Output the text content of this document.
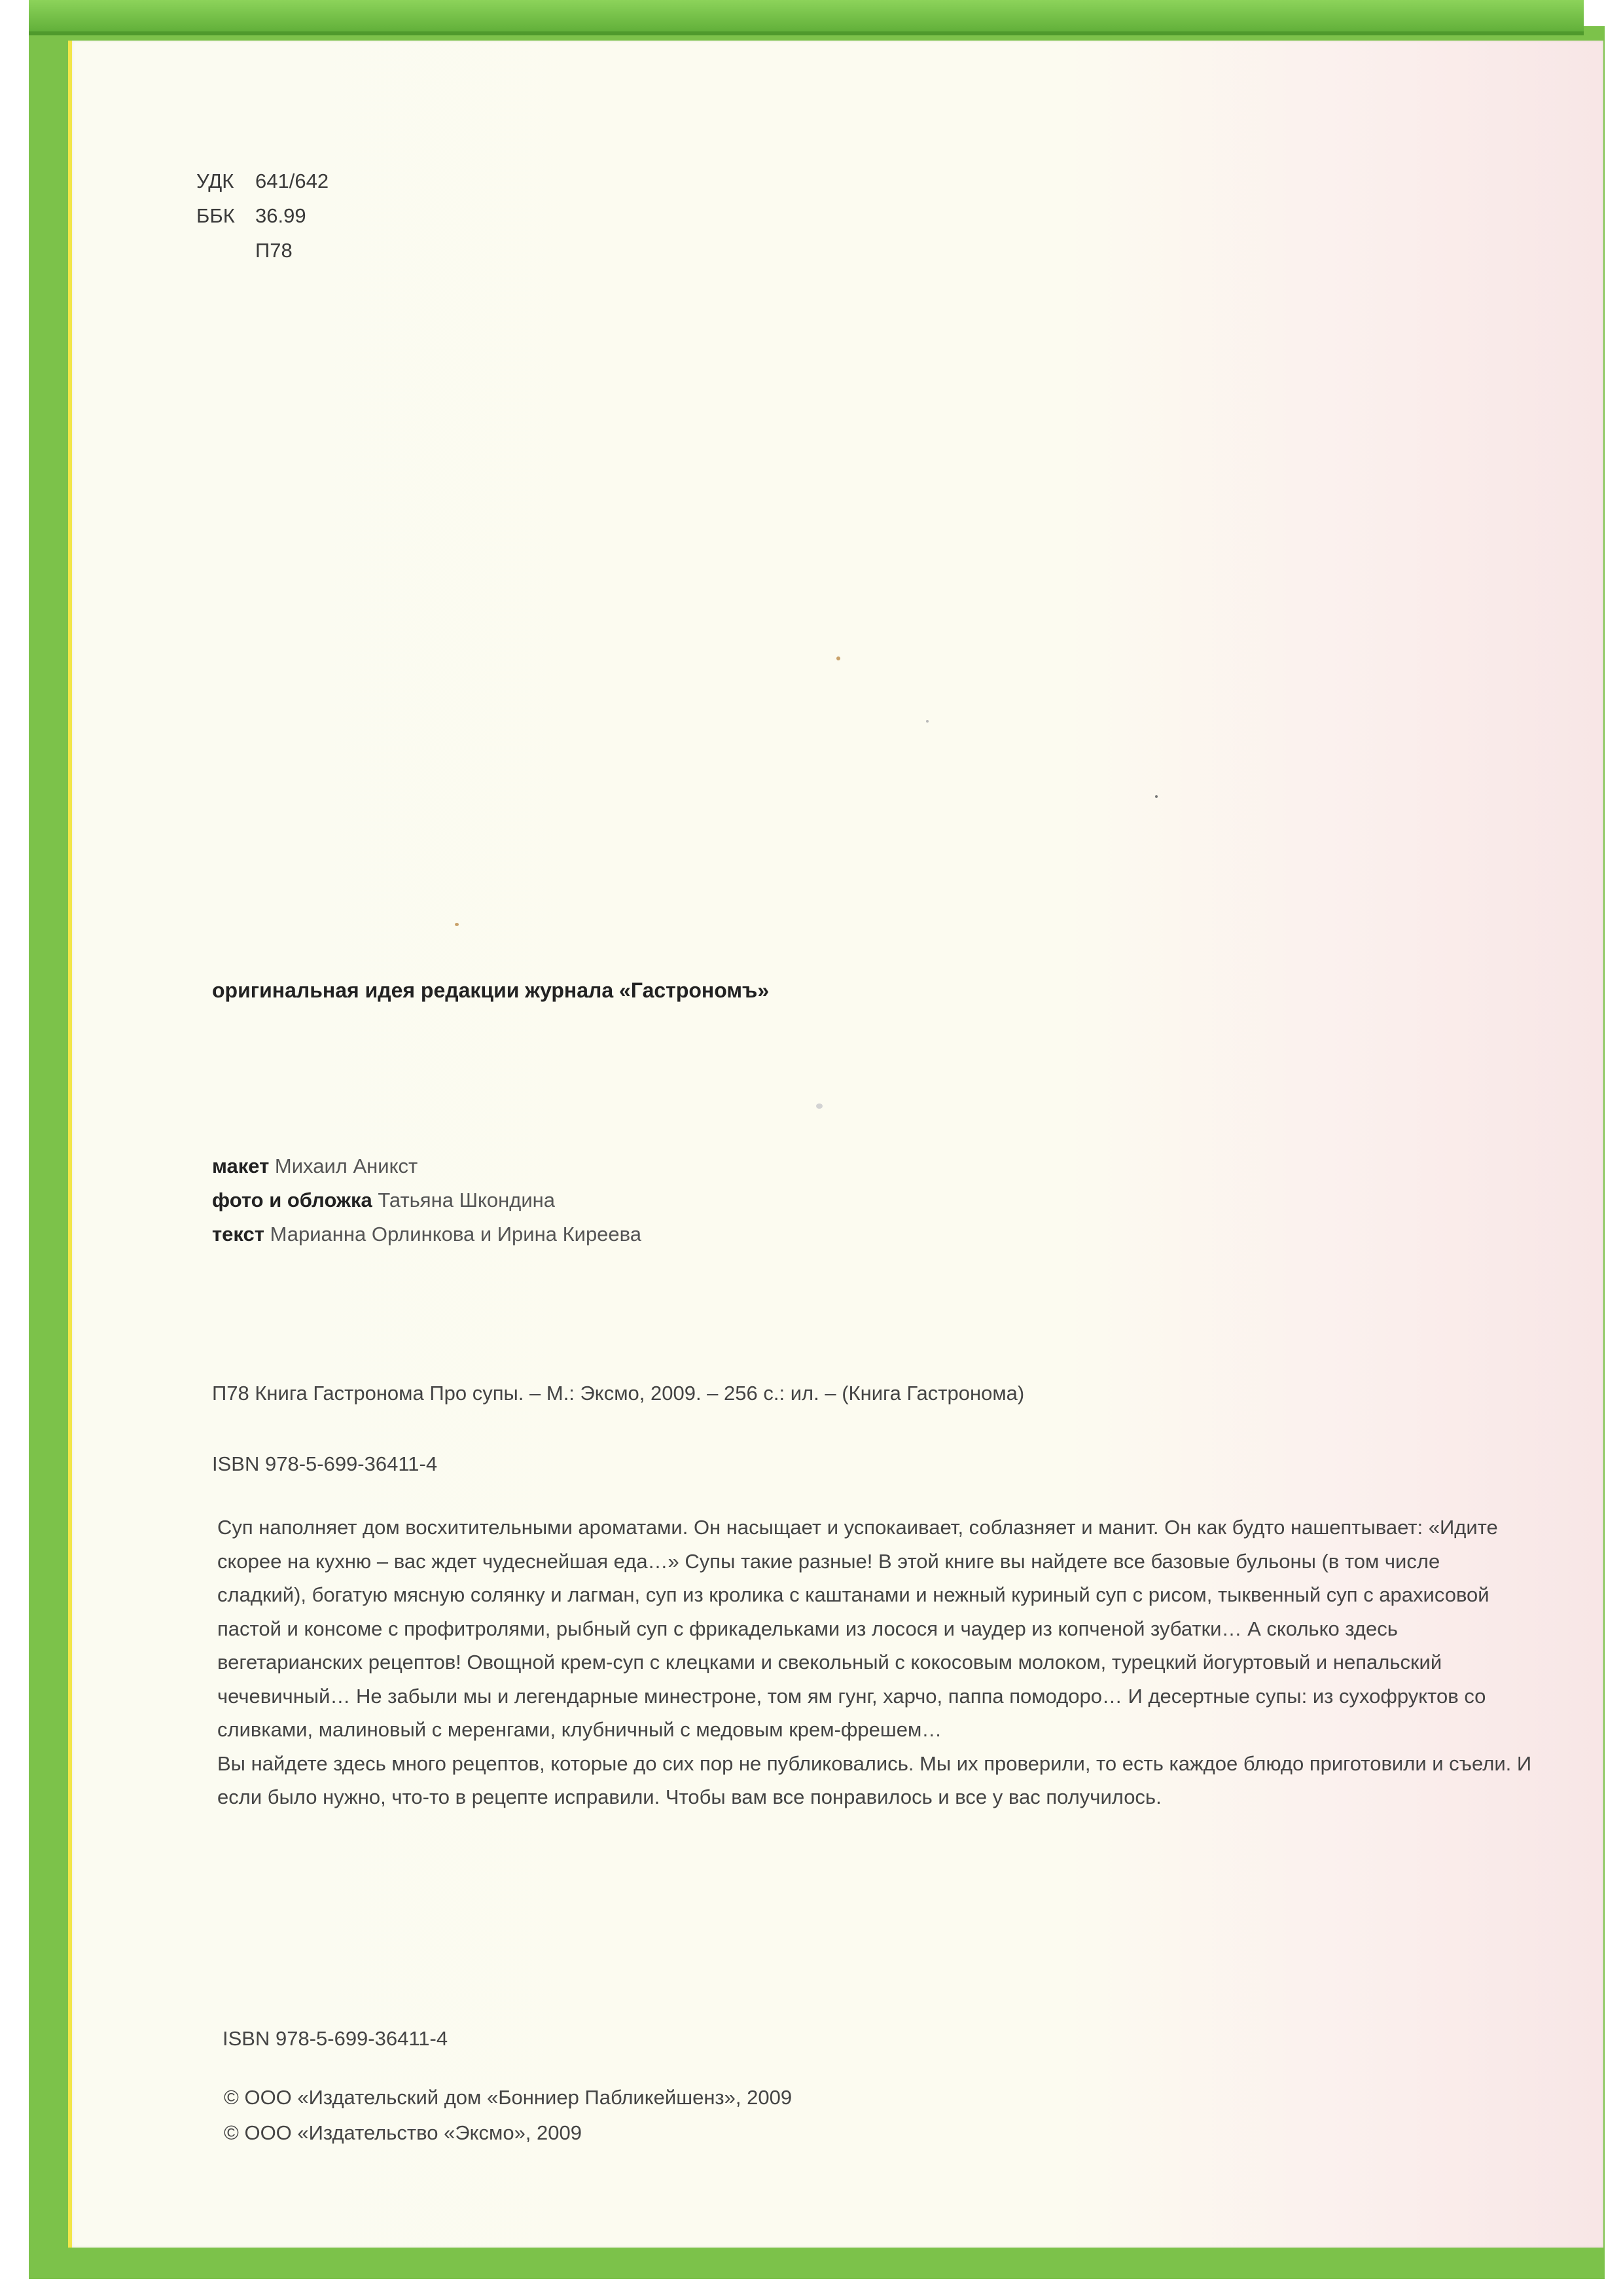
УДК 641/642
ББК 36.99
П78
оригинальная идея редакции журнала «Гастрономъ»
макет Михаил Аникст
фото и обложка Татьяна Шкондина
текст Марианна Орлинкова и Ирина Киреева
П78 Книга Гастронома Про супы. – М.: Эксмо, 2009. – 256 с.: ил. – (Книга Гастронома)
ISBN 978-5-699-36411-4

Суп наполняет дом восхитительными ароматами. Он насыщает и успокаивает, соблазняет и манит. Он как будто нашептывает: «Идите скорее на кухню – вас ждет чудеснейшая еда…» Супы такие разные! В этой книге вы найдете все базовые бульоны (в том числе сладкий), богатую мясную солянку и лагман, суп из кролика с каштанами и нежный куриный суп с рисом, тыквенный суп с арахисовой пастой и консоме с профитролями, рыбный суп с фрикадельками из лосося и чаудер из копченой зубатки… А сколько здесь вегетарианских рецептов! Овощной крем-суп с клецками и свекольный с кокосовым молоком, турецкий йогуртовый и непальский чечевичный… Не забыли мы и легендарные минестроне, том ям гунг, харчо, паппа помодоро… И десертные супы: из сухофруктов со сливками, малиновый с меренгами, клубничный с медовым крем-фрешем…

Вы найдете здесь много рецептов, которые до сих пор не публиковались. Мы их проверили, то есть каждое блюдо приготовили и съели. И если было нужно, что-то в рецепте исправили. Чтобы вам все понравилось и все у вас получилось.

ISBN 978-5-699-36411-4
© ООО «Издательский дом «Бонниер Пабликейшенз», 2009
© ООО «Издательство «Эксмо», 2009
